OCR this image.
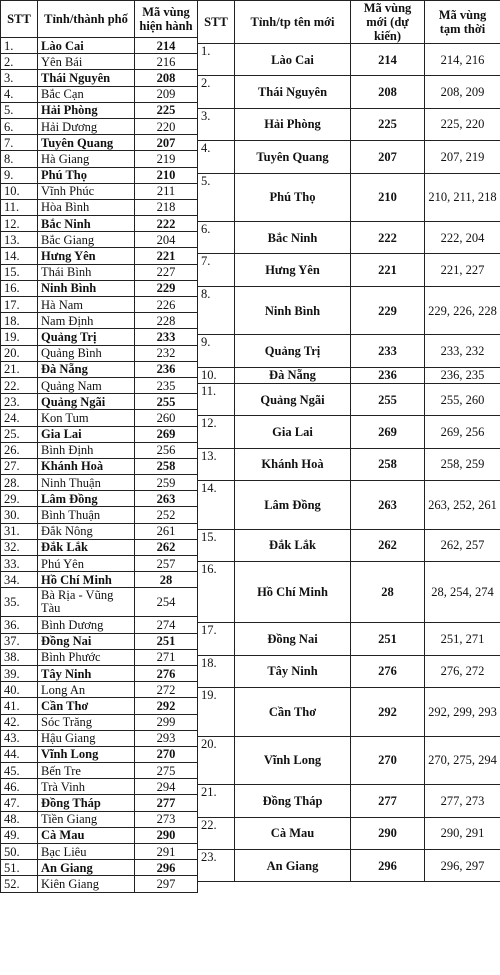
STT	Tỉnh/thành phố	Mã vùng hiện hành
1.	Lào Cai	214
2.	Yên Bái	216
3.	Thái Nguyên	208
4.	Bắc Cạn	209
5.	Hải Phòng	225
6.	Hải Dương	220
7.	Tuyên Quang	207
8.	Hà Giang	219
9.	Phú Thọ	210
10.	Vĩnh Phúc	211
11.	Hòa Bình	218
12.	Bắc Ninh	222
13.	Bắc Giang	204
14.	Hưng Yên	221
15.	Thái Bình	227
16.	Ninh Bình	229
17.	Hà Nam	226
18.	Nam Định	228
19.	Quảng Trị	233
20.	Quảng Bình	232
21.	Đà Nẵng	236
22.	Quảng Nam	235
23.	Quảng Ngãi	255
24.	Kon Tum	260
25.	Gia Lai	269
26.	Bình Định	256
27.	Khánh Hoà	258
28.	Ninh Thuận	259
29.	Lâm Đồng	263
30.	Bình Thuận	252
31.	Đắk Nông	261
32.	Đắk Lắk	262
33.	Phú Yên	257
34.	Hồ Chí Minh	28
35.	Bà Rịa - Vũng Tàu	254
36.	Bình Dương	274
37.	Đồng Nai	251
38.	Bình Phước	271
39.	Tây Ninh	276
40.	Long An	272
41.	Cần Thơ	292
42.	Sóc Trăng	299
43.	Hậu Giang	293
44.	Vĩnh Long	270
45.	Bến Tre	275
46.	Trà Vinh	294
47.	Đồng Tháp	277
48.	Tiền Giang	273
49.	Cà Mau	290
50.	Bạc Liêu	291
51.	An Giang	296
52.	Kiên Giang	297
STT	Tỉnh/tp tên mới	Mã vùng mới (dự kiến)	Mã vùng tạm thời
1.	Lào Cai	214	214, 216

2.	Thái Nguyên	208	208, 209

3.	Hải Phòng	225	225, 220

4.	Tuyên Quang	207	207, 219

5.	Phú Thọ	210	210, 211, 218

6.	Bắc Ninh	222	222, 204

7.	Hưng Yên	221	221, 227

8.	Ninh Bình	229	229, 226, 228

9.	Quảng Trị	233	233, 232

10.	Đà Nẵng	236	236, 235
11.	Quảng Ngãi	255	255, 260

12.	Gia Lai	269	269, 256

13.	Khánh Hoà	258	258, 259

14.	Lâm Đồng	263	263, 252, 261

15.	Đắk Lắk	262	262, 257

16.	Hồ Chí Minh	28	28, 254, 274

17.	Đồng Nai	251	251, 271

18.	Tây Ninh	276	276, 272

19.	Cần Thơ	292	292, 299, 293

20.	Vĩnh Long	270	270, 275, 294

21.	Đồng Tháp	277	277, 273

22.	Cà Mau	290	290, 291

23.	An Giang	296	296, 297
